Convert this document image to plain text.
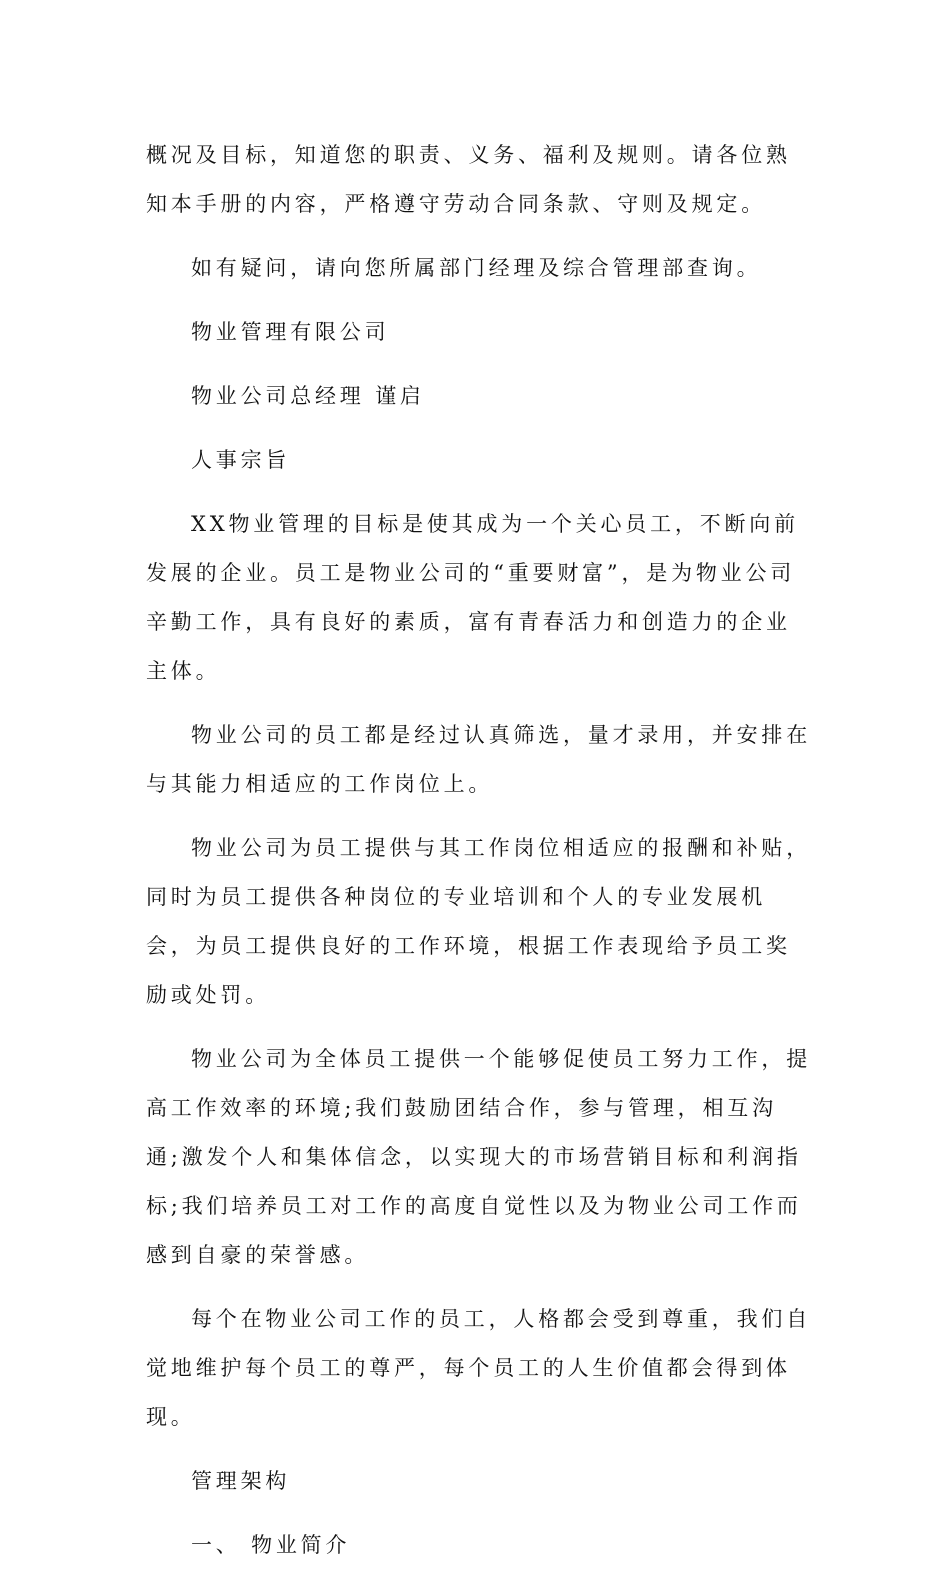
概况及目标，知道您的职责、义务、福利及规则。请各位熟知本手册的内容，严格遵守劳动合同条款、守则及规定。

如有疑问，请向您所属部门经理及综合管理部查询。

物业管理有限公司

物业公司总经理 谨启

人事宗旨

XX物业管理的目标是使其成为一个关心员工，不断向前发展的企业。员工是物业公司的“重要财富”，是为物业公司辛勤工作，具有良好的素质，富有青春活力和创造力的企业主体。

物业公司的员工都是经过认真筛选，量才录用，并安排在与其能力相适应的工作岗位上。

物业公司为员工提供与其工作岗位相适应的报酬和补贴，同时为员工提供各种岗位的专业培训和个人的专业发展机会，为员工提供良好的工作环境，根据工作表现给予员工奖励或处罚。

物业公司为全体员工提供一个能够促使员工努力工作，提高工作效率的环境;我们鼓励团结合作，参与管理，相互沟通;激发个人和集体信念，以实现大的市场营销目标和利润指标;我们培养员工对工作的高度自觉性以及为物业公司工作而感到自豪的荣誉感。

每个在物业公司工作的员工，人格都会受到尊重，我们自觉地维护每个员工的尊严，每个员工的人生价值都会得到体现。

管理架构

一、 物业简介
